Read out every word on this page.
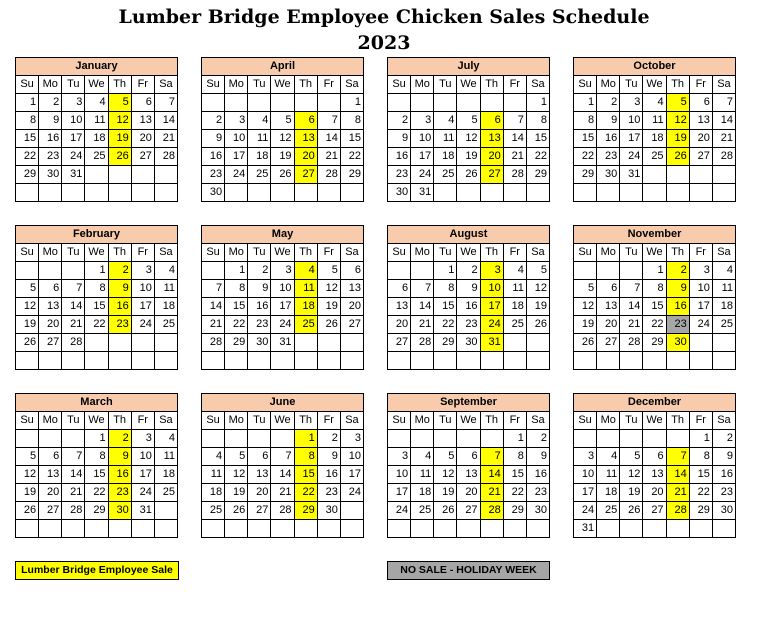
Lumber Bridge Employee Chicken Sales Schedule
2023
January						
Su	Mo	Tu	We	Th	Fr	Sa
1	2	3	4	5	6	7
8	9	10	11	12	13	14
15	16	17	18	19	20	21
22	23	24	25	26	27	28
29	30	31				

April						
Su	Mo	Tu	We	Th	Fr	Sa
						1
2	3	4	5	6	7	8
9	10	11	12	13	14	15
16	17	18	19	20	21	22
23	24	25	26	27	28	29
30						
July						
Su	Mo	Tu	We	Th	Fr	Sa
						1
2	3	4	5	6	7	8
9	10	11	12	13	14	15
16	17	18	19	20	21	22
23	24	25	26	27	28	29
30	31					
October						
Su	Mo	Tu	We	Th	Fr	Sa
1	2	3	4	5	6	7
8	9	10	11	12	13	14
15	16	17	18	19	20	21
22	23	24	25	26	27	28
29	30	31				

February						
Su	Mo	Tu	We	Th	Fr	Sa
			1	2	3	4
5	6	7	8	9	10	11
12	13	14	15	16	17	18
19	20	21	22	23	24	25
26	27	28				

May						
Su	Mo	Tu	We	Th	Fr	Sa
	1	2	3	4	5	6
7	8	9	10	11	12	13
14	15	16	17	18	19	20
21	22	23	24	25	26	27
28	29	30	31			

August						
Su	Mo	Tu	We	Th	Fr	Sa
		1	2	3	4	5
6	7	8	9	10	11	12
13	14	15	16	17	18	19
20	21	22	23	24	25	26
27	28	29	30	31		

November						
Su	Mo	Tu	We	Th	Fr	Sa
			1	2	3	4
5	6	7	8	9	10	11
12	13	14	15	16	17	18
19	20	21	22	23	24	25
26	27	28	29	30		

March						
Su	Mo	Tu	We	Th	Fr	Sa
			1	2	3	4
5	6	7	8	9	10	11
12	13	14	15	16	17	18
19	20	21	22	23	24	25
26	27	28	29	30	31	

June						
Su	Mo	Tu	We	Th	Fr	Sa
				1	2	3
4	5	6	7	8	9	10
11	12	13	14	15	16	17
18	19	20	21	22	23	24
25	26	27	28	29	30	

September						
Su	Mo	Tu	We	Th	Fr	Sa
					1	2
3	4	5	6	7	8	9
10	11	12	13	14	15	16
17	18	19	20	21	22	23
24	25	26	27	28	29	30

December						
Su	Mo	Tu	We	Th	Fr	Sa
					1	2
3	4	5	6	7	8	9
10	11	12	13	14	15	16
17	18	19	20	21	22	23
24	25	26	27	28	29	30
31						
Lumber Bridge Employee Sale	NO SALE - HOLIDAY WEEK
